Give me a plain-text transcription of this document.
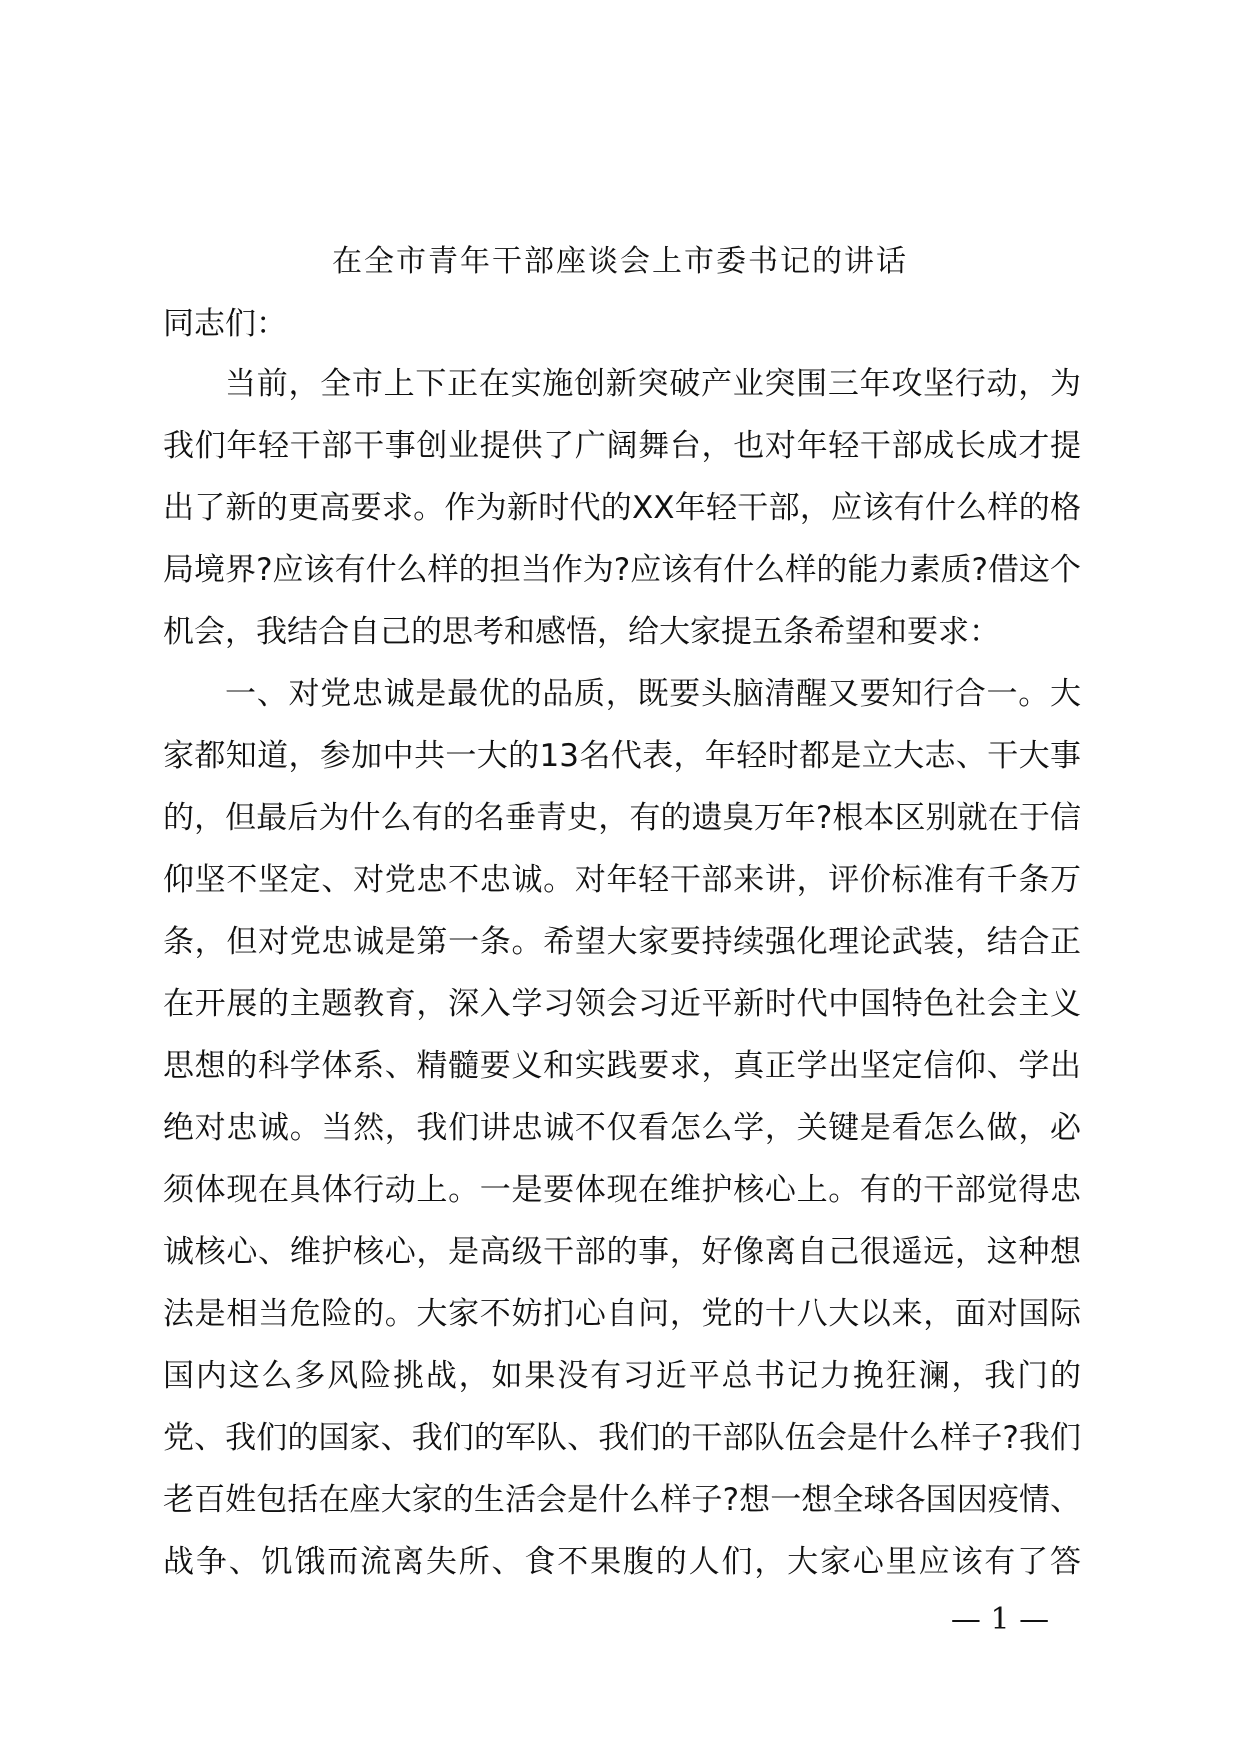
在全市青年干部座谈会上市委书记的讲话
同志们：
当前，全市上下正在实施创新突破产业突围三年攻坚行动，为
我们年轻干部干事创业提供了广阔舞台，也对年轻干部成长成才提
出了新的更高要求。作为新时代的XX年轻干部，应该有什么样的格
局境界?应该有什么样的担当作为?应该有什么样的能力素质?借这个
机会，我结合自己的思考和感悟，给大家提五条希望和要求：
一、对党忠诚是最优的品质，既要头脑清醒又要知行合一。大
家都知道，参加中共一大的13名代表，年轻时都是立大志、干大事
的，但最后为什么有的名垂青史，有的遗臭万年?根本区别就在于信
仰坚不坚定、对党忠不忠诚。对年轻干部来讲，评价标准有千条万
条，但对党忠诚是第一条。希望大家要持续强化理论武装，结合正
在开展的主题教育，深入学习领会习近平新时代中国特色社会主义
思想的科学体系、精髓要义和实践要求，真正学出坚定信仰、学出
绝对忠诚。当然，我们讲忠诚不仅看怎么学，关键是看怎么做，必
须体现在具体行动上。一是要体现在维护核心上。有的干部觉得忠
诚核心、维护核心，是高级干部的事，好像离自己很遥远，这种想
法是相当危险的。大家不妨扪心自问，党的十八大以来，面对国际
国内这么多风险挑战，如果没有习近平总书记力挽狂澜，我门的
党、我们的国家、我们的军队、我们的干部队伍会是什么样子?我们
老百姓包括在座大家的生活会是什么样子?想一想全球各国因疫情、
战争、饥饿而流离失所、食不果腹的人们，大家心里应该有了答
— 1 —
